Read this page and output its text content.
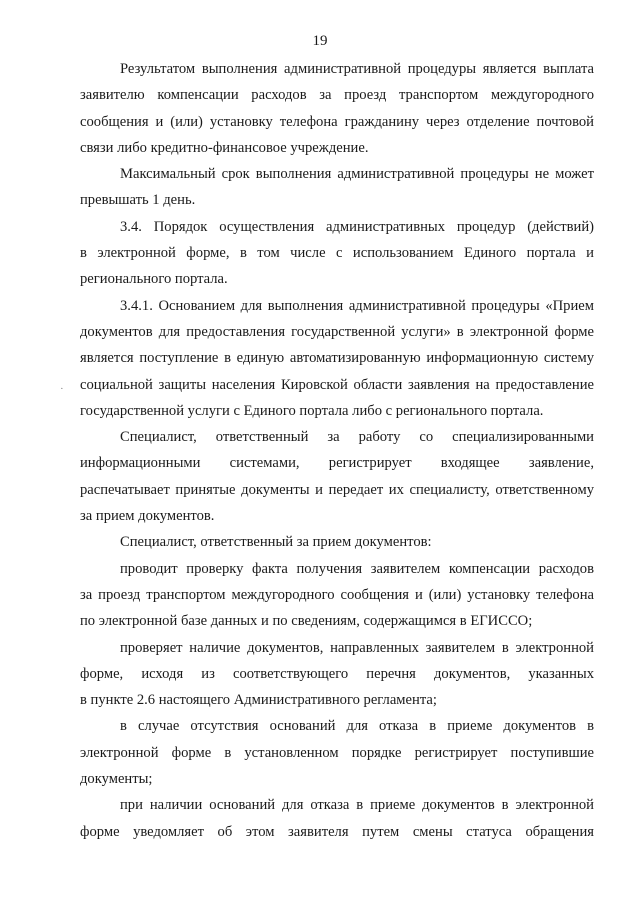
19
·
Результатом выполнения административной процедуры является выплата
заявителю компенсации расходов за проезд транспортом междугородного
сообщения и (или) установку телефона гражданину через отделение почтовой
связи либо кредитно-финансовое учреждение.
Максимальный срок выполнения административной процедуры не может
превышать 1 день.
3.4. Порядок осуществления административных процедур (действий)
в электронной форме, в том числе с использованием Единого портала и
регионального портала.
3.4.1. Основанием для выполнения административной процедуры «Прием
документов для предоставления государственной услуги» в электронной форме
является поступление в единую автоматизированную информационную систему
социальной защиты населения Кировской области заявления на предоставление
государственной услуги с Единого портала либо с регионального портала.
Специалист, ответственный за работу со специализированными
информационными системами, регистрирует входящее заявление,
распечатывает принятые документы и передает их специалисту, ответственному
за прием документов.
Специалист, ответственный за прием документов:
проводит проверку факта получения заявителем компенсации расходов
за проезд транспортом междугородного сообщения и (или) установку телефона
по электронной базе данных и по сведениям, содержащимся в ЕГИССО;
проверяет наличие документов, направленных заявителем в электронной
форме, исходя из соответствующего перечня документов, указанных
в пункте 2.6 настоящего Административного регламента;
в случае отсутствия оснований для отказа в приеме документов в
электронной форме в установленном порядке регистрирует поступившие
документы;
при наличии оснований для отказа в приеме документов в электронной
форме уведомляет об этом заявителя путем смены статуса обращения
